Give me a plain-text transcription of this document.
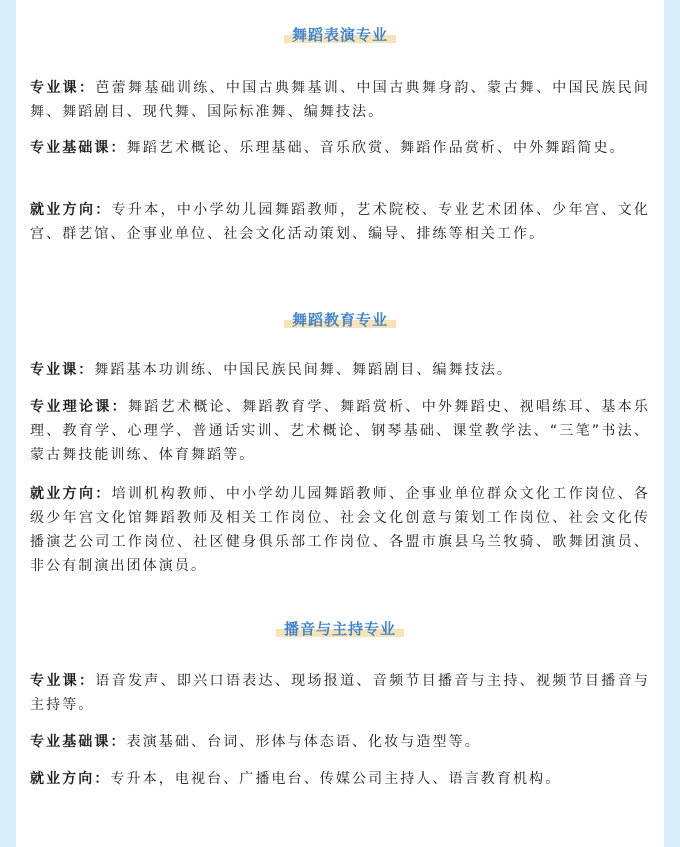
舞蹈表演专业

专业课：芭蕾舞基础训练、中国古典舞基训、中国古典舞身韵、蒙古舞、中国民族民间舞、舞蹈剧目、现代舞、国际标准舞、编舞技法。

专业基础课：舞蹈艺术概论、乐理基础、音乐欣赏、舞蹈作品赏析、中外舞蹈简史。

就业方向：专升本，中小学幼儿园舞蹈教师，艺术院校、专业艺术团体、少年宫、文化宫、群艺馆、企事业单位、社会文化活动策划、编导、排练等相关工作。

舞蹈教育专业

专业课：舞蹈基本功训练、中国民族民间舞、舞蹈剧目、编舞技法。

专业理论课：舞蹈艺术概论、舞蹈教育学、舞蹈赏析、中外舞蹈史、视唱练耳、基本乐理、教育学、心理学、普通话实训、艺术概论、钢琴基础、课堂教学法、“三笔”书法、蒙古舞技能训练、体育舞蹈等。

就业方向：培训机构教师、中小学幼儿园舞蹈教师、企事业单位群众文化工作岗位、各级少年宫文化馆舞蹈教师及相关工作岗位、社会文化创意与策划工作岗位、社会文化传播演艺公司工作岗位、社区健身俱乐部工作岗位、各盟市旗县乌兰牧骑、歌舞团演员、非公有制演出团体演员。

播音与主持专业

专业课：语音发声、即兴口语表达、现场报道、音频节目播音与主持、视频节目播音与主持等。

专业基础课：表演基础、台词、形体与体态语、化妆与造型等。

就业方向：专升本，电视台、广播电台、传媒公司主持人、语言教育机构。
